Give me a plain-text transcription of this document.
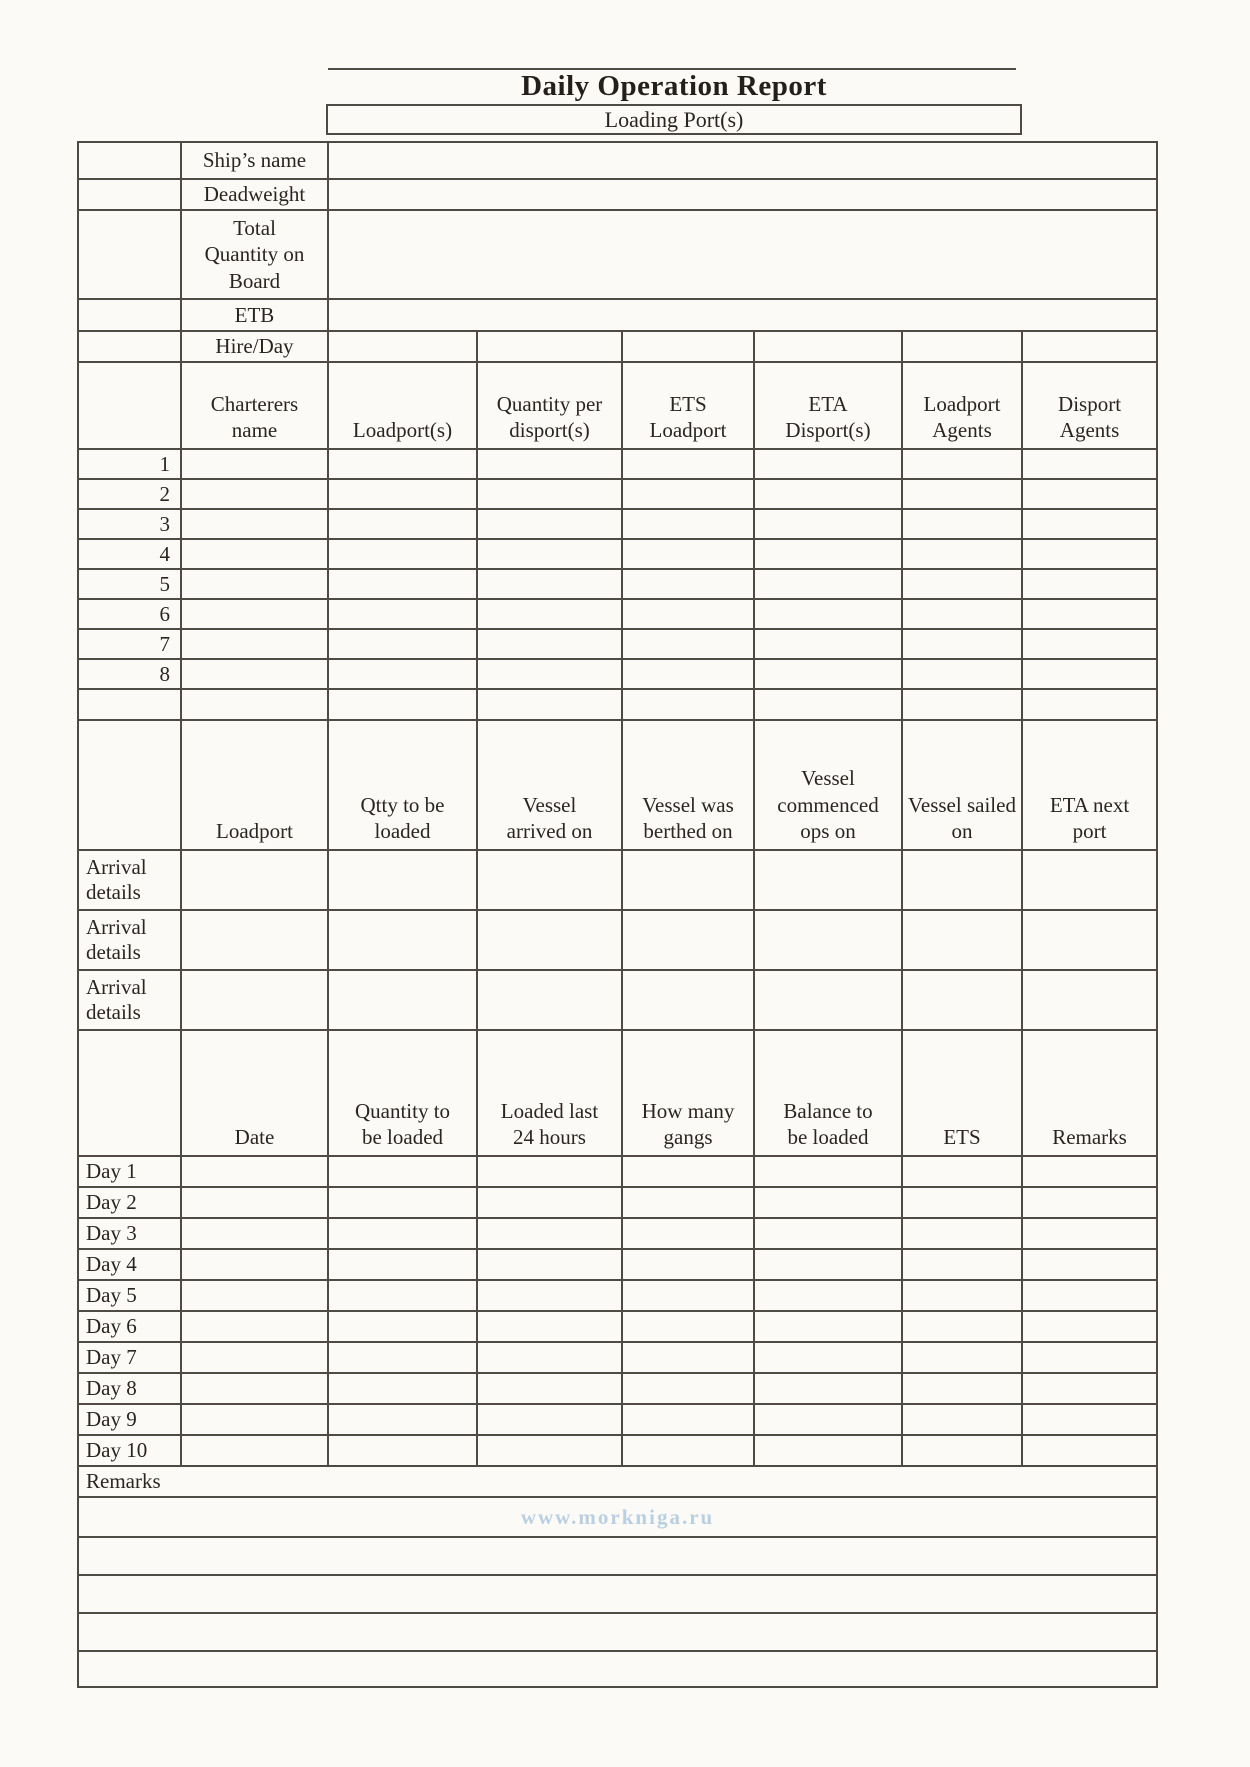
Daily Operation Report
Loading Port(s)
	Ship’s name						
	Deadweight						
	Total Quantity on Board						
	ETB						
	Hire/Day						
	Charterers name	Loadport(s)	Quantity per disport(s)	ETS Loadport	ETA Disport(s)	Loadport Agents	Disport Agents
1							
2							
3							
4							
5							
6							
7							
8							

	Loadport	Qtty to be loaded	Vessel arrived on	Vessel was berthed on	Vessel commenced ops on	Vessel sailed on	ETA next port
Arrival details							
Arrival details							
Arrival details							
	Date	Quantity to be loaded	Loaded last 24 hours	How many gangs	Balance to be loaded	ETS	Remarks
Day 1							
Day 2							
Day 3							
Day 4							
Day 5							
Day 6							
Day 7							
Day 8							
Day 9							
Day 10							
Remarks							
www.morkniga.ru							
